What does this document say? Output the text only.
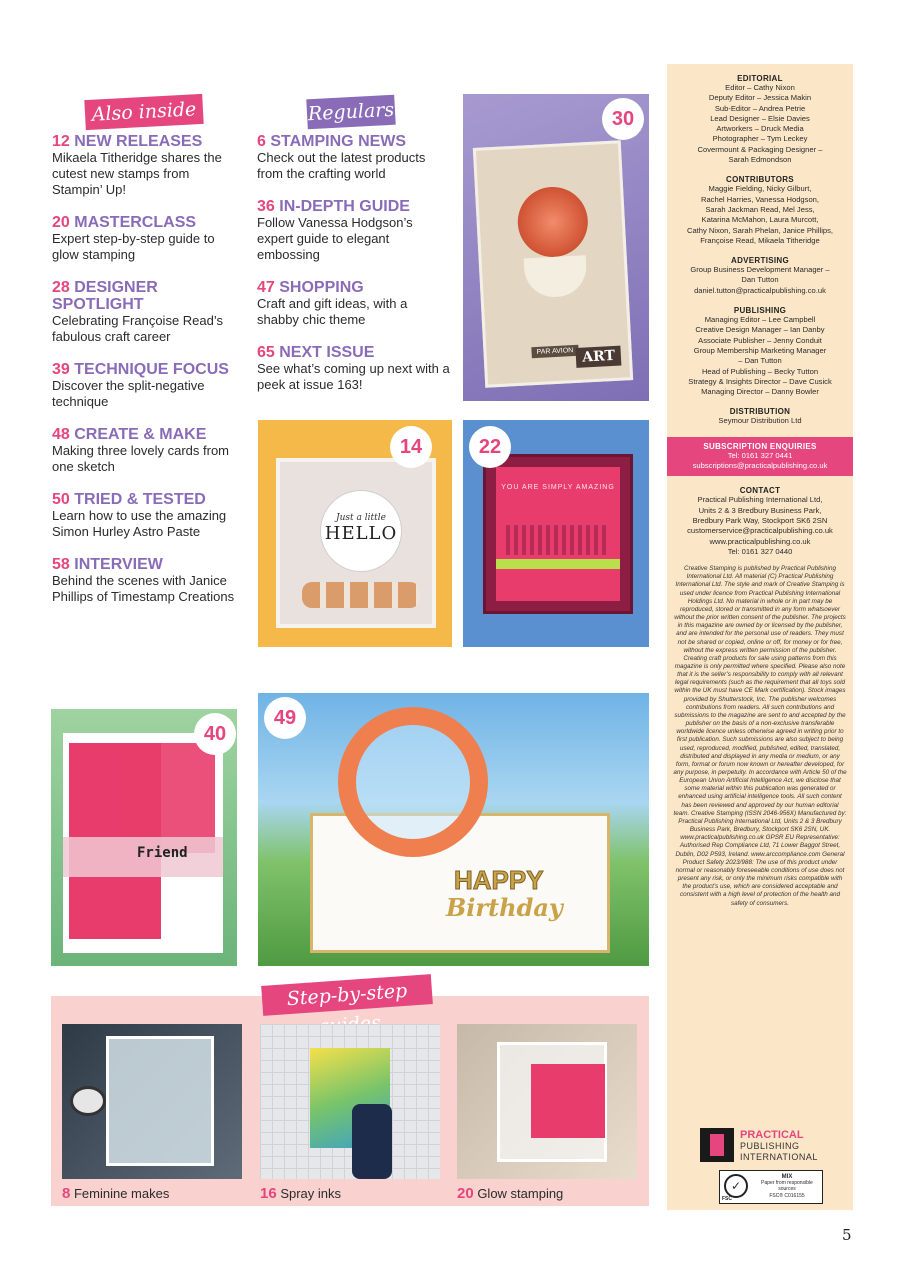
Also inside	Regulars
12 NEW RELEASES
Mikaela Titheridge shares the cutest new stamps from Stampin’ Up!
20 MASTERCLASS
Expert step-by-step guide to glow stamping
28 DESIGNER SPOTLIGHT
Celebrating Françoise Read’s fabulous craft career
39 TECHNIQUE FOCUS
Discover the split-negative technique
48 CREATE & MAKE
Making three lovely cards from one sketch
50 TRIED & TESTED
Learn how to use the amazing Simon Hurley Astro Paste
58 INTERVIEW
Behind the scenes with Janice Phillips of Timestamp Creations
6 STAMPING NEWS
Check out the latest products from the crafting world
36 IN-DEPTH GUIDE
Follow Vanessa Hodgson’s expert guide to elegant embossing
47 SHOPPING
Craft and gift ideas, with a shabby chic theme
65 NEXT ISSUE
See what’s coming up next with a peek at issue 163!
PAR AVION ART
30
Just a little
HELLO
14
YOU ARE SIMPLY AMAZING
22
Friend
40
HAPPY
Birthday
49
Step-by-step
8 Feminine makes	16 Spray inks	20 Glow stamping
EDITORIAL
Editor – Cathy Nixon
Deputy Editor – Jessica Makin
Sub-Editor – Andrea Petrie
Lead Designer – Elsie Davies
Artworkers – Druck Media
Photographer – Tym Leckey
Covermount & Packaging Designer –
Sarah Edmondson
CONTRIBUTORS
Maggie Fielding, Nicky Gilburt,
Rachel Harries, Vanessa Hodgson,
Sarah Jackman Read, Mel Jess,
Katarina McMahon, Laura Murcott,
Cathy Nixon, Sarah Phelan, Janice Phillips,
Françoise Read, Mikaela Titheridge
ADVERTISING
Group Business Development Manager –
Dan Tutton
daniel.tutton@practicalpublishing.co.uk
PUBLISHING
Managing Editor – Lee Campbell
Creative Design Manager – Ian Danby
Associate Publisher – Jenny Conduit
Group Membership Marketing Manager
– Dan Tutton
Head of Publishing – Becky Tutton
Strategy & Insights Director – Dave Cusick
Managing Director – Danny Bowler
DISTRIBUTION
Seymour Distribution Ltd
SUBSCRIPTION ENQUIRIES
Tel: 0161 327 0441
subscriptions@practicalpublishing.co.uk
CONTACT
Practical Publishing International Ltd,
Units 2 & 3 Bredbury Business Park,
Bredbury Park Way, Stockport SK6 2SN
customerservice@practicalpublishing.co.uk
www.practicalpublishing.co.uk
Tel: 0161 327 0440
Creative Stamping is published by Practical Publishing International Ltd. All material (C) Practical Publishing International Ltd. The style and mark of Creative Stamping is used under licence from Practical Publishing International Holdings Ltd. No material in whole or in part may be reproduced, stored or transmitted in any form whatsoever without the prior written consent of the publisher. The projects in this magazine are owned by or licensed by the publisher, and are intended for the personal use of readers. They must not be shared or copied, online or off, for money or for free, without the express written permission of the publisher. Creating craft products for sale using patterns from this magazine is only permitted where specified. Please also note that it is the seller’s responsibility to comply with all relevant legal requirements (such as the requirement that all toys sold within the UK must have CE Mark certification). Stock images provided by Shutterstock, Inc. The publisher welcomes contributions from readers. All such contributions and submissions to the magazine are sent to and accepted by the publisher on the basis of a non-exclusive transferable worldwide licence unless otherwise agreed in writing prior to first publication. Such submissions are also subject to being used, reproduced, modified, published, edited, translated, distributed and displayed in any media or medium, or any form, format or forum now known or hereafter developed, for any purpose, in perpetuity. In accordance with Article 50 of the European Union Artificial Intelligence Act, we disclose that some material within this publication was generated or enhanced using artificial intelligence tools. All such content has been reviewed and approved by our human editorial team. Creative Stamping (ISSN 2046-956X) Manufactured by: Practical Publishing International Ltd, Units 2 & 3 Bredbury Business Park, Bredbury, Stockport SK6 2SN, UK. www.practicalpublishing.co.uk GPSR EU Representative: Authorised Rep Compliance Ltd, 71 Lower Baggot Street, Dublin, D02 P593, Ireland. www.arccompliance.com General Product Safety 2023/988: The use of this product under normal or reasonably foreseeable conditions of use does not present any risk, or only the minimum risks compatible with the product’s use, which are considered acceptable and consistent with a high level of protection of the health and safety of consumers.
PRACTICAL
PUBLISHING
INTERNATIONAL
✓
FSC
MIX
Paper from responsible sources
FSC® C016155
5
